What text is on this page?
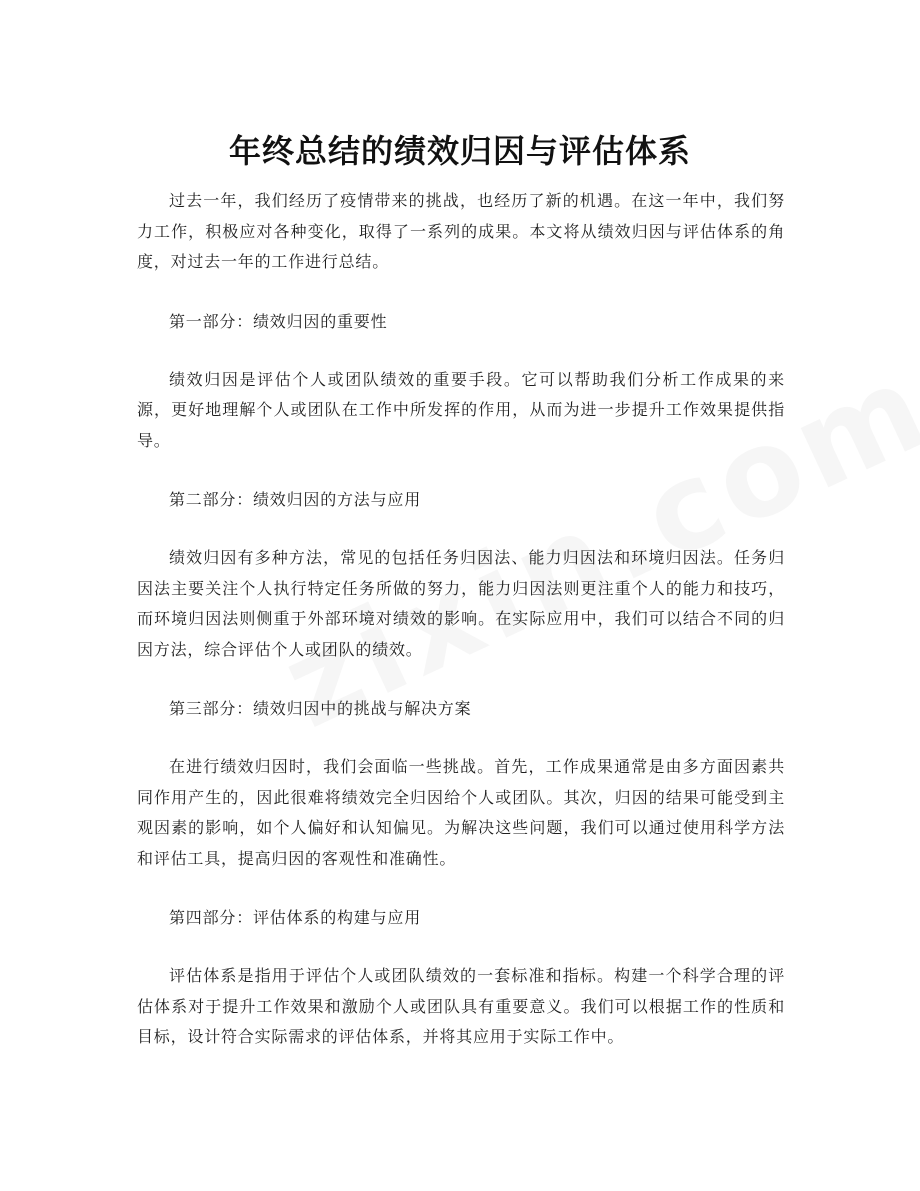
年终总结的绩效归因与评估体系

过去一年，我们经历了疫情带来的挑战，也经历了新的机遇。在这一年中，我们努力工作，积极应对各种变化，取得了一系列的成果。本文将从绩效归因与评估体系的角度，对过去一年的工作进行总结。

第一部分：绩效归因的重要性

绩效归因是评估个人或团队绩效的重要手段。它可以帮助我们分析工作成果的来源，更好地理解个人或团队在工作中所发挥的作用，从而为进一步提升工作效果提供指导。

第二部分：绩效归因的方法与应用

绩效归因有多种方法，常见的包括任务归因法、能力归因法和环境归因法。任务归因法主要关注个人执行特定任务所做的努力，能力归因法则更注重个人的能力和技巧，而环境归因法则侧重于外部环境对绩效的影响。在实际应用中，我们可以结合不同的归因方法，综合评估个人或团队的绩效。

第三部分：绩效归因中的挑战与解决方案

在进行绩效归因时，我们会面临一些挑战。首先，工作成果通常是由多方面因素共同作用产生的，因此很难将绩效完全归因给个人或团队。其次，归因的结果可能受到主观因素的影响，如个人偏好和认知偏见。为解决这些问题，我们可以通过使用科学方法和评估工具，提高归因的客观性和准确性。

第四部分：评估体系的构建与应用

评估体系是指用于评估个人或团队绩效的一套标准和指标。构建一个科学合理的评估体系对于提升工作效果和激励个人或团队具有重要意义。我们可以根据工作的性质和目标，设计符合实际需求的评估体系，并将其应用于实际工作中。
